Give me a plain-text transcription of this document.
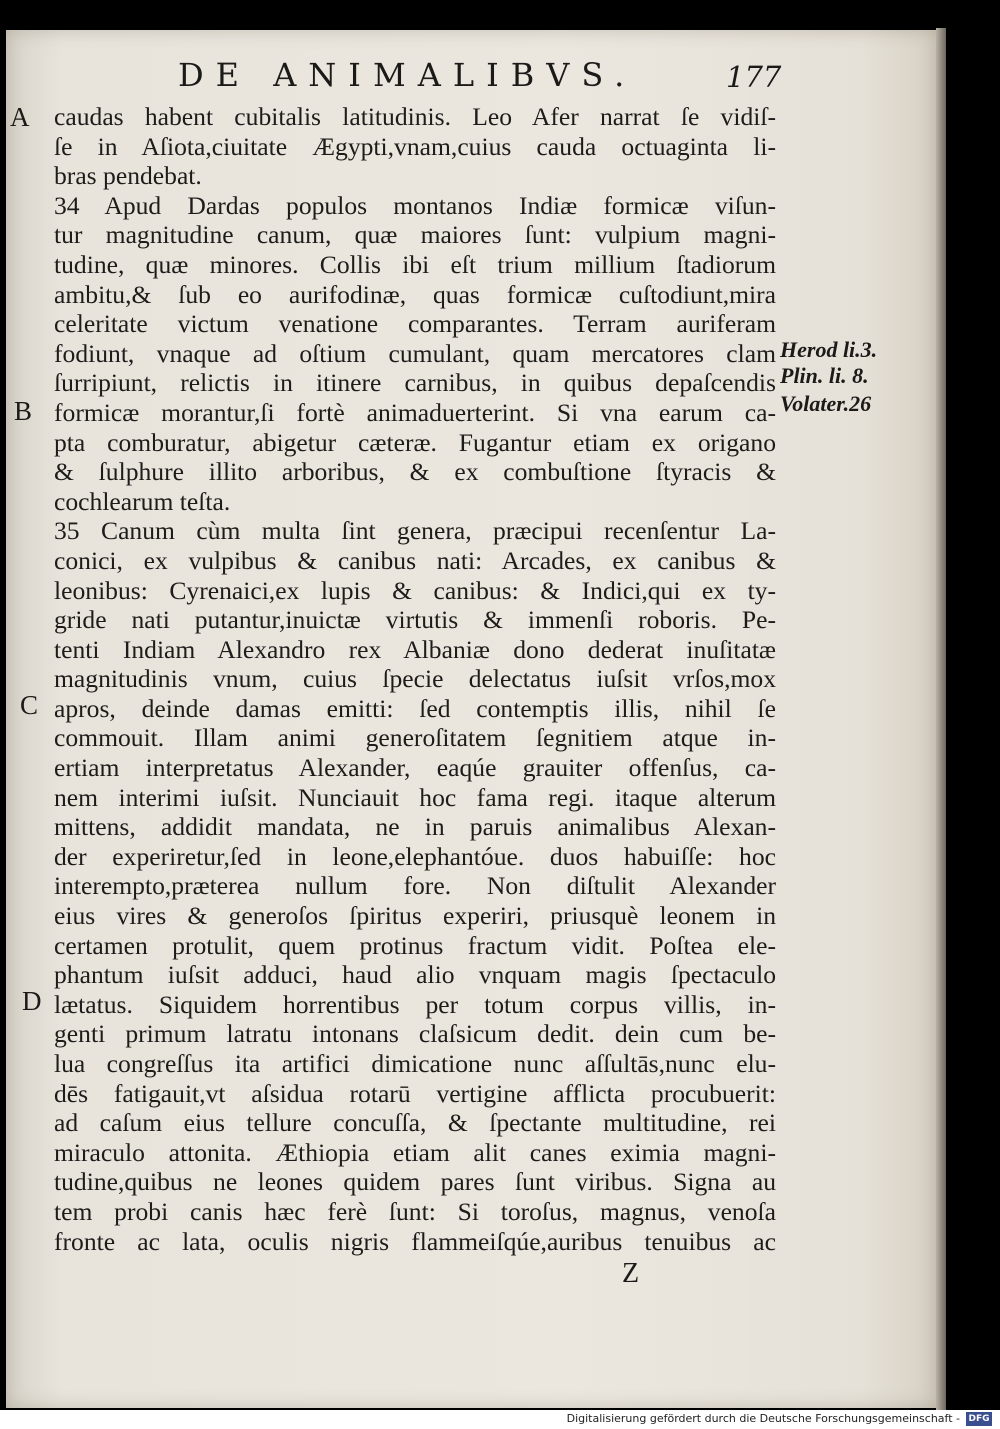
DE ANIMALIBVS.	177
A
B
C
D
Herod li.3.
Plin. li. 8.
Volater.26
caudas habent cubitalis latitudinis. Leo Afer narrat ſe vidiſ-
ſe in Aſiota,ciuitate Ægypti,vnam,cuius cauda octuaginta li-
bras pendebat.
34 Apud Dardas populos montanos Indiæ formicæ viſun-
tur magnitudine canum, quæ maiores ſunt: vulpium magni-
tudine, quæ minores. Collis ibi eſt trium millium ſtadiorum
ambitu,& ſub eo aurifodinæ, quas formicæ cuſtodiunt,mira
celeritate victum venatione comparantes. Terram auriferam
fodiunt, vnaque ad oſtium cumulant, quam mercatores clam
ſurripiunt, relictis in itinere carnibus, in quibus depaſcendis
formicæ morantur,ſi fortè animaduerterint. Si vna earum ca-
pta comburatur, abigetur cæteræ. Fugantur etiam ex origano
& ſulphure illito arboribus, & ex combuſtione ſtyracis &
cochlearum teſta.
35 Canum cùm multa ſint genera, præcipui recenſentur La-
conici, ex vulpibus & canibus nati: Arcades, ex canibus &
leonibus: Cyrenaici,ex lupis & canibus: & Indici,qui ex ty-
gride nati putantur,inuictæ virtutis & immenſi roboris. Pe-
tenti Indiam Alexandro rex Albaniæ dono dederat inuſitatæ
magnitudinis vnum, cuius ſpecie delectatus iuſsit vrſos,mox
apros, deinde damas emitti: ſed contemptis illis, nihil ſe
commouit. Illam animi generoſitatem ſegnitiem atque in-
ertiam interpretatus Alexander, eaqúe grauiter offenſus, ca-
nem interimi iuſsit. Nunciauit hoc fama regi. itaque alterum
mittens, addidit mandata, ne in paruis animalibus Alexan-
der experiretur,ſed in leone,elephantóue. duos habuiſſe: hoc
interempto,præterea nullum fore. Non diſtulit Alexander
eius vires & generoſos ſpiritus experiri, priusquè leonem in
certamen protulit, quem protinus fractum vidit. Poſtea ele-
phantum iuſsit adduci, haud alio vnquam magis ſpectaculo
lætatus. Siquidem horrentibus per totum corpus villis, in-
genti primum latratu intonans claſsicum dedit. dein cum be-
lua congreſſus ita artifici dimicatione nunc aſſultās,nunc elu-
dēs fatigauit,vt aſsidua rotarū vertigine afflicta procubuerit:
ad caſum eius tellure concuſſa, & ſpectante multitudine, rei
miraculo attonita. Æthiopia etiam alit canes eximia magni-
tudine,quibus ne leones quidem pares ſunt viribus. Signa au
tem probi canis hæc ferè ſunt: Si toroſus, magnus, venoſa
fronte ac lata, oculis nigris flammeiſqúe,auribus tenuibus ac
Z
Digitalisierung gefördert durch die Deutsche Forschungsgemeinschaft - DFG
